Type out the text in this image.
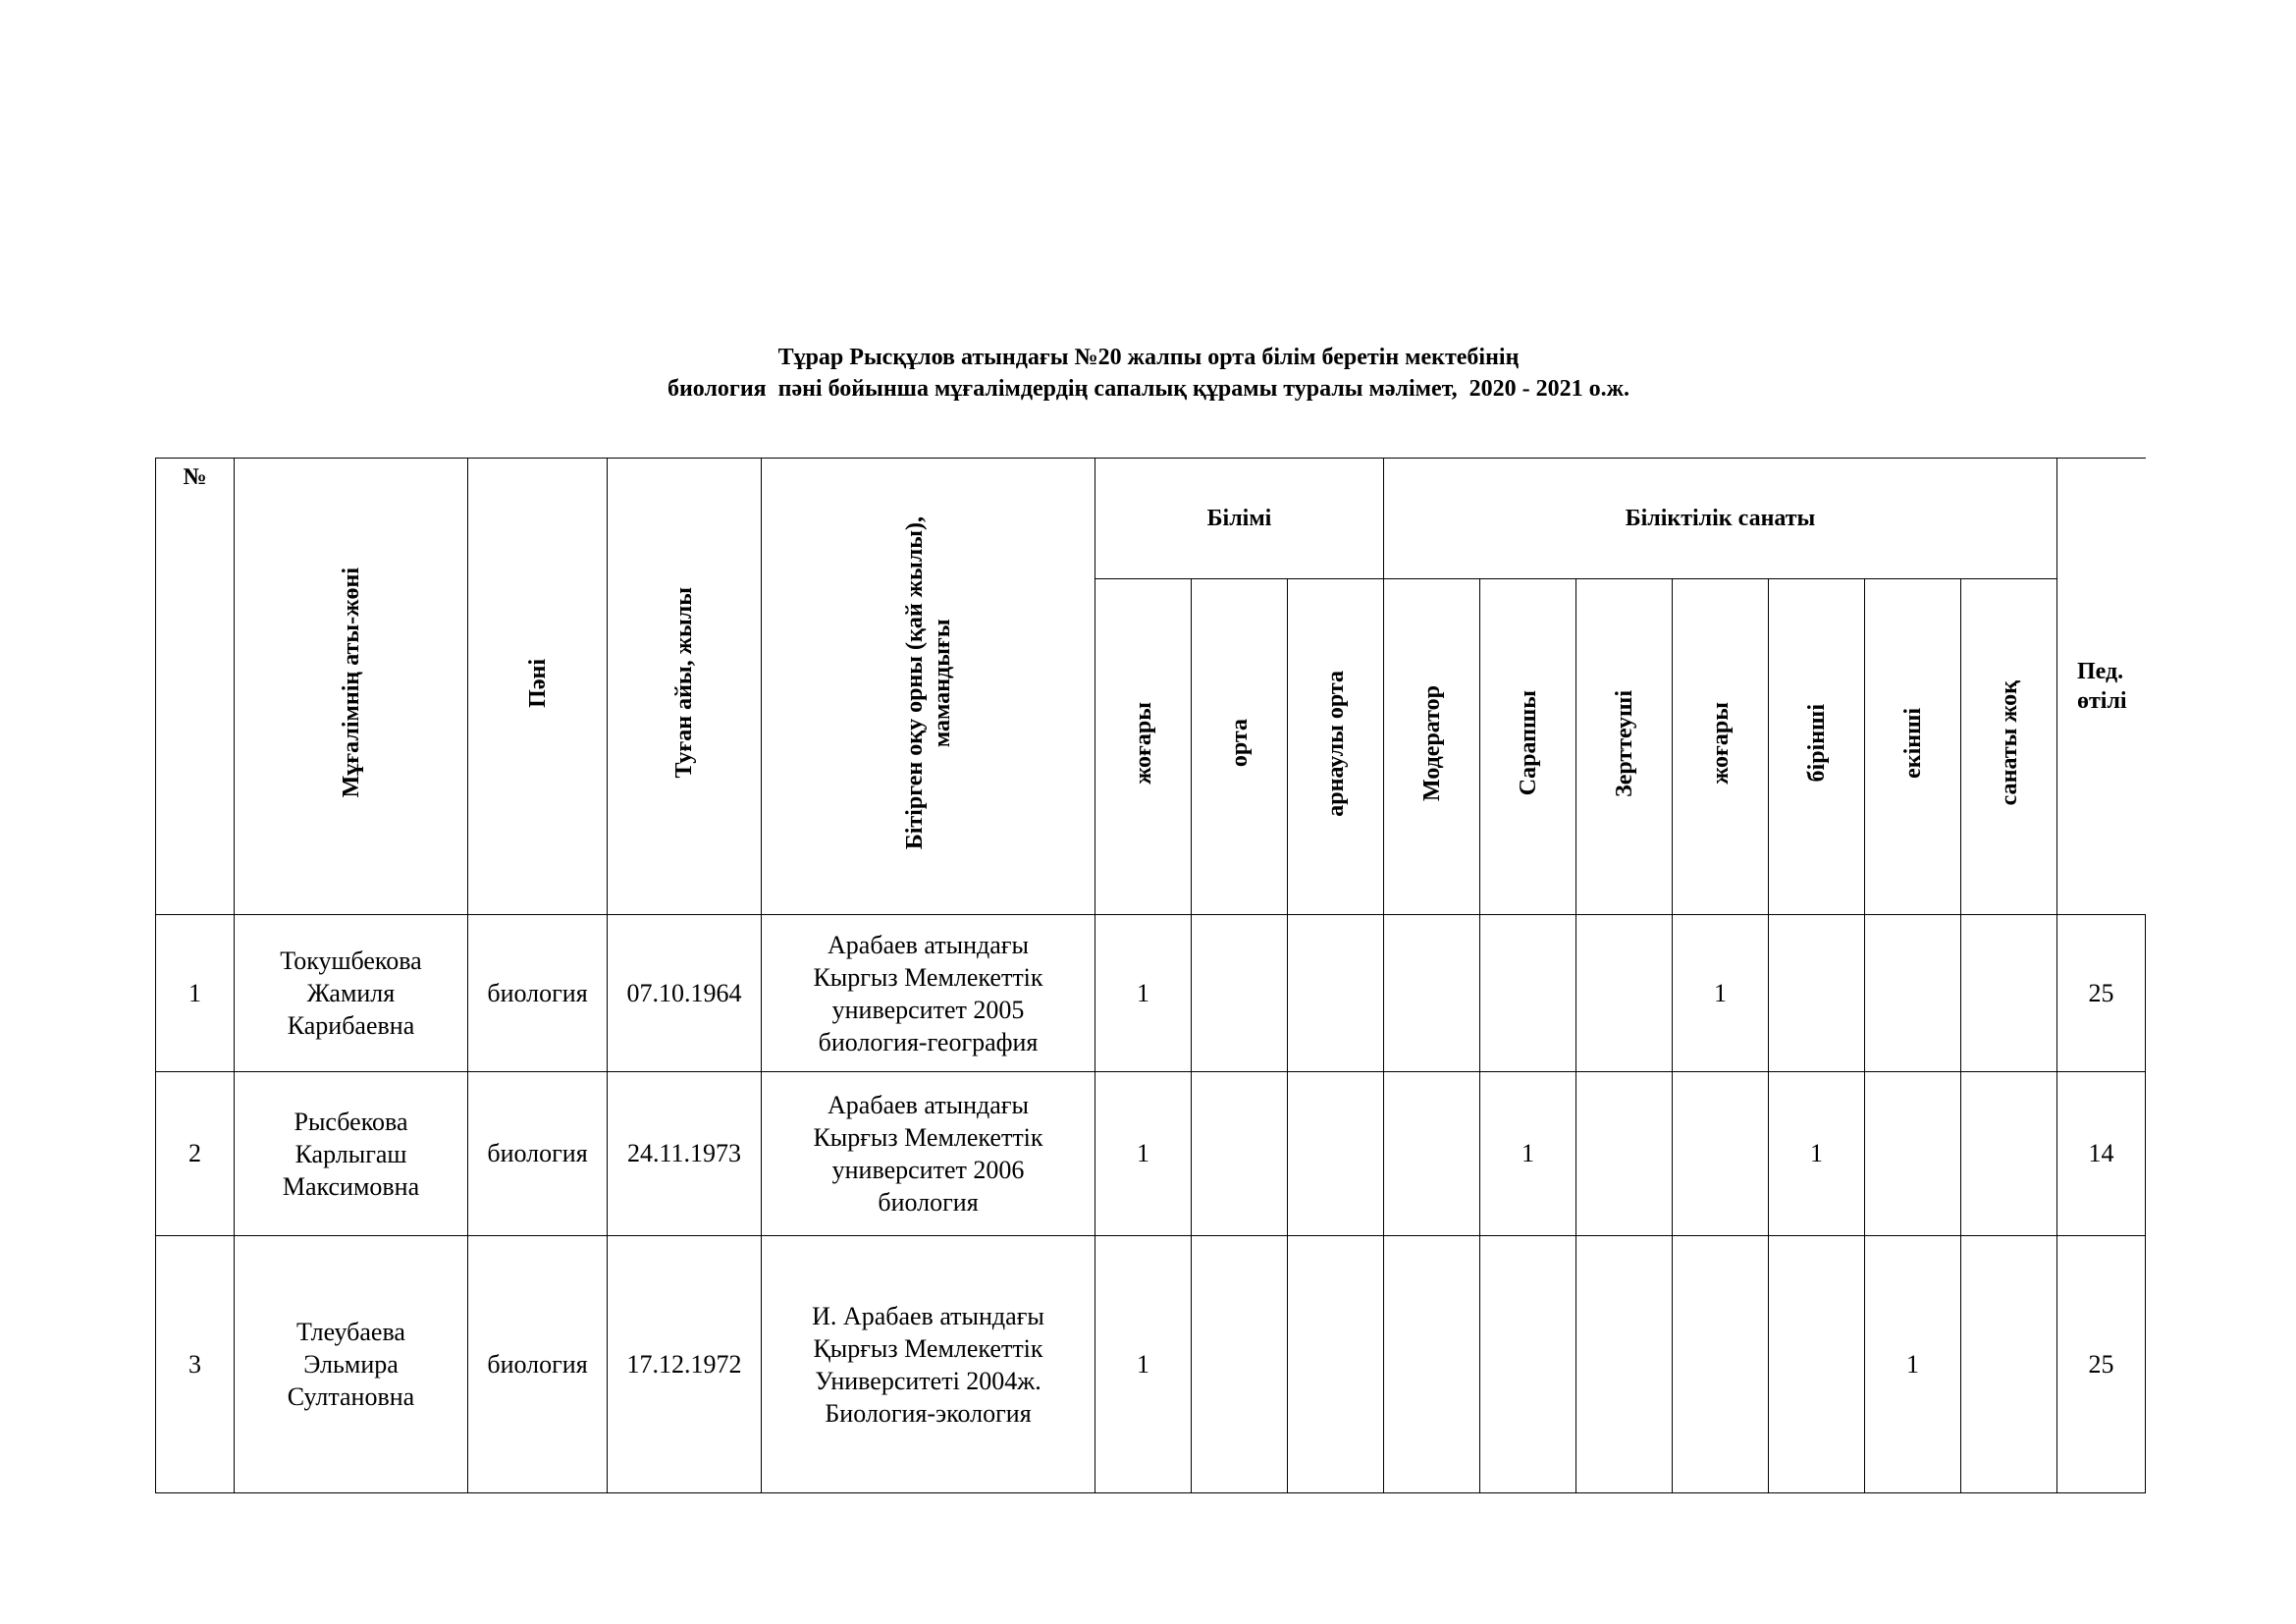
Тұрар Рысқұлов атындағы №20 жалпы орта білім беретін мектебінің
биология  пәні бойынша мұғалімдердің сапалық құрамы туралы мәлімет,  2020 - 2021 о.ж.
№	Мұғалімнің аты-жөні	Пәні	Туған айы, жылы	Бітірген оқу орны (қай жылы),
мамандығы	Білімі			Біліктілік санаты							Пед.
өтілі
					жоғары	орта	арнаулы орта	Модератор	Сарапшы	Зерттеуші	жоғары	бірінші	екінші	санаты жоқ	
1	Токушбекова
Жамиля
Карибаевна	биология	07.10.1964	Арабаев атындағы
Кыргыз Мемлекеттік
университет 2005
биология-география	1						1				25
2	Рысбекова
Карлыгаш
Максимовна	биология	24.11.1973	Арабаев атындағы
Кырғыз Мемлекеттік
университет 2006
биология	1				1			1			14
3	Тлеубаева
Эльмира
Султановна	биология	17.12.1972	И. Арабаев атындағы
Қырғыз Мемлекеттік
Университеті 2004ж.
Биология-экология	1								1		25
